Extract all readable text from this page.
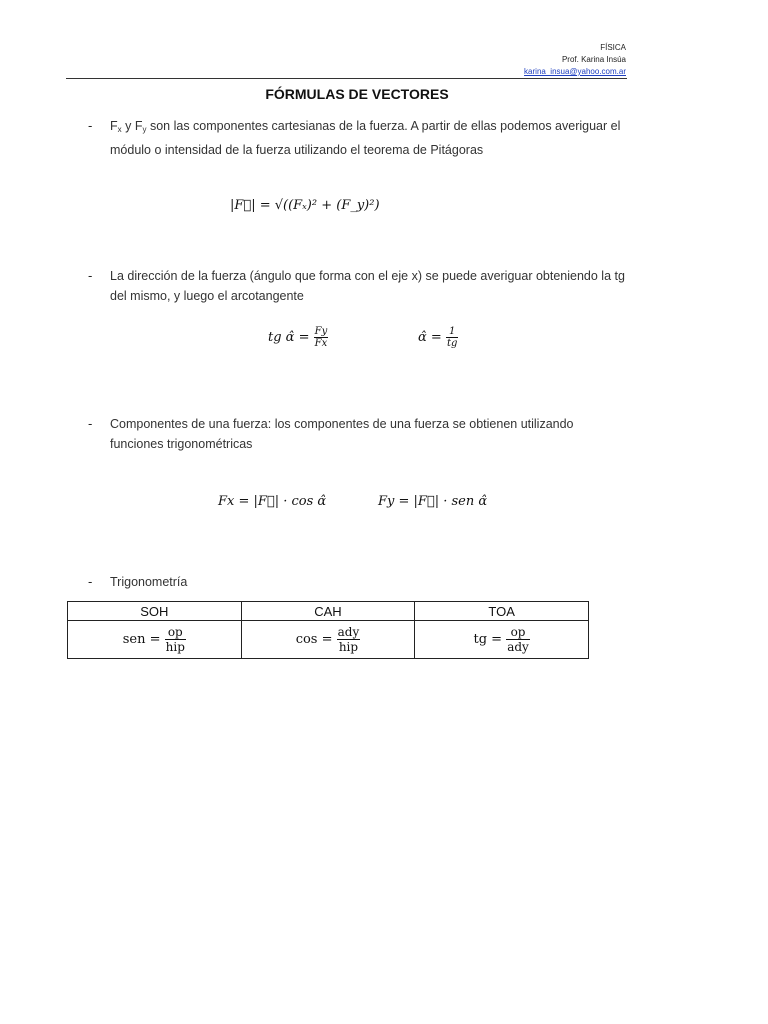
FÍSICA
Prof. Karina Insúa
karina_insua@yahoo.com.ar
FÓRMULAS DE VECTORES
- $F_x$ y $F_y$ son las componentes cartesianas de la fuerza. A partir de ellas podemos averiguar el módulo o intensidad de la fuerza utilizando el teorema de Pitágoras
|F⃗| = √((Fₓ)² + (F_y)²)
- La dirección de la fuerza (ángulo que forma con el eje x) se puede averiguar obteniendo la tg del mismo, y luego el arcotangente
tg α̂ = $\frac{Fy}{Fx}$	α̂ = $\frac{1}{tg}$
- Componentes de una fuerza: los componentes de una fuerza se obtienen utilizando funciones trigonométricas
Fx = |F⃗| · cos α̂	Fy = |F⃗| · sen α̂
- Trigonometría
SOH	CAH	TOA
sen = $\frac{op}{\text{hip}}$	$\cos = \frac{\text{ady}}{\text{hip}}$	tg = $\frac{op}{\text{ady}}$
